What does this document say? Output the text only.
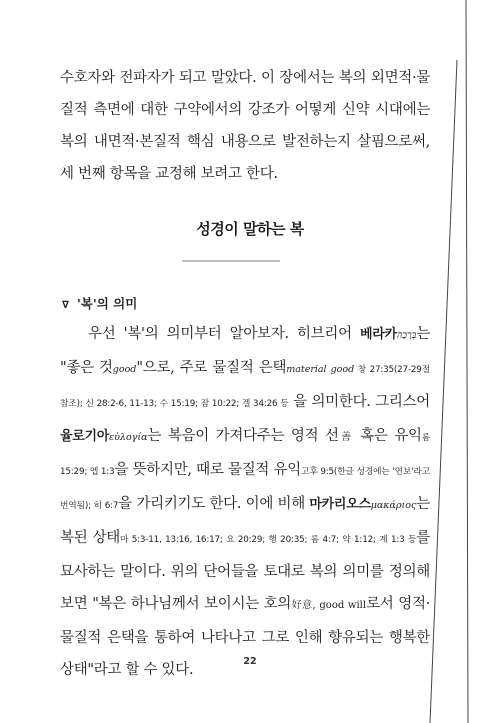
수호자와 전파자가 되고 말았다. 이 장에서는 복의 외면적·물질적 측면에 대한 구약에서의 강조가 어떻게 신약 시대에는 복의 내면적·본질적 핵심 내용으로 발전하는지 살핌으로써, 세 번째 항목을 교정해 보려고 한다.

성경이 말하는 복
∇ '복'의 의미

우선 '복'의 의미부터 알아보자. 히브리어 베라카בְּרָכָה는 "좋은 것good"으로, 주로 물질적 은택material good 창 27:35(27-29절 참조); 신 28:2-6, 11-13; 수 15:19; 잠 10:22; 겔 34:26 등 을 의미한다. 그리스어 율로기아εὐλογία는 복음이 가져다주는 영적 선善 혹은 유익롬 15:29; 엡 1:3을 뜻하지만, 때로 물질적 유익고후 9:5(한글 성경에는 '연보'라고 번역됨); 히 6:7을 가리키기도 한다. 이에 비해 마카리오스μακάριος는 복된 상태마 5:3-11, 13:16, 16:17; 요 20:29; 행 20:35; 롬 4:7; 약 1:12; 계 1:3 등를 묘사하는 말이다. 위의 단어들을 토대로 복의 의미를 정의해 보면 "복은 하나님께서 보이시는 호의好意, good will로서 영적·물질적 은택을 통하여 나타나고 그로 인해 향유되는 행복한 상태"라고 할 수 있다.

22
